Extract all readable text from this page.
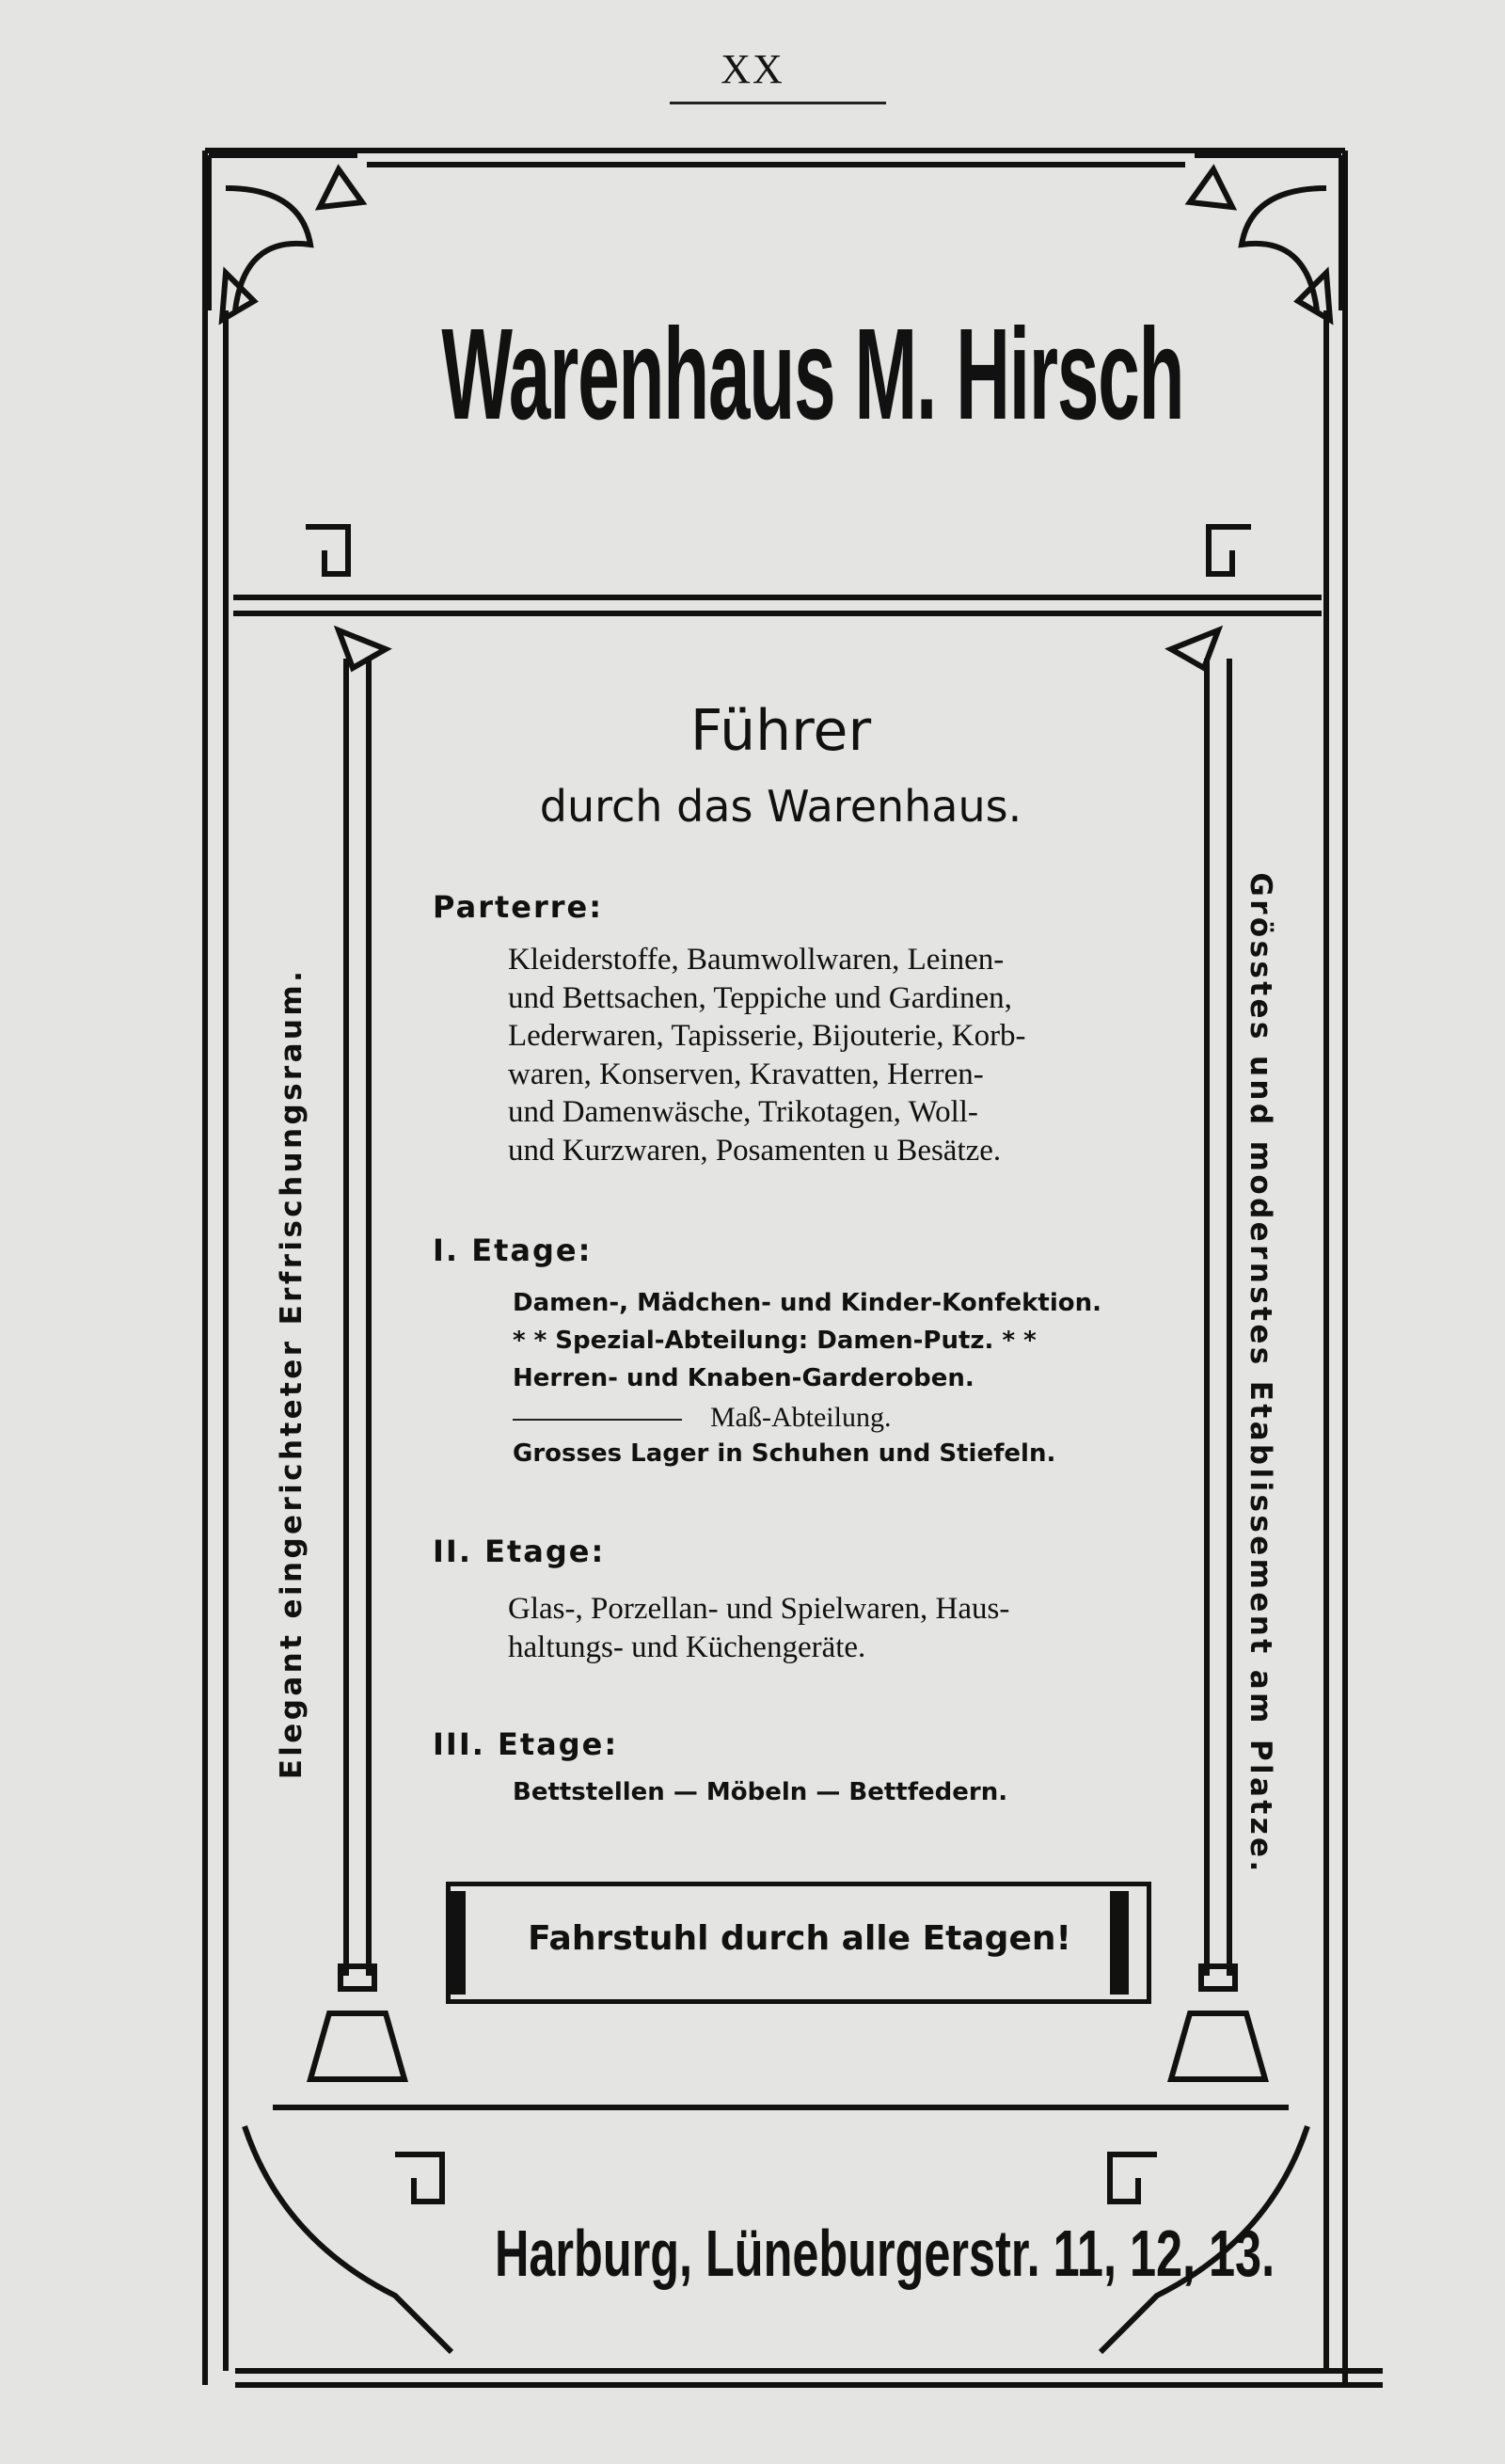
XX
Warenhaus M. Hirsch
Führer
durch das Warenhaus.
Elegant eingerichteter Erfrischungsraum.	Grösstes und modernstes Etablissement am Platze.
Parterre:
Kleiderstoffe, Baumwollwaren, Leinen-
und Bettsachen, Teppiche und Gardinen,
Lederwaren, Tapisserie, Bijouterie, Korb-
waren, Konserven, Kravatten, Herren-
und Damenwäsche, Trikotagen, Woll-
und Kurzwaren, Posamenten u Besätze.
I. Etage:
Damen-, Mädchen- und Kinder-Konfektion.
* * Spezial-Abteilung: Damen-Putz. * *
Herren- und Knaben-Garderoben.
Maß-Abteilung.
Grosses Lager in Schuhen und Stiefeln.
II. Etage:
Glas-, Porzellan- und Spielwaren, Haus-
haltungs- und Küchengeräte.
III. Etage:
Bettstellen — Möbeln — Bettfedern.
Fahrstuhl durch alle Etagen!
Harburg, Lüneburgerstr. 11, 12, 13.
